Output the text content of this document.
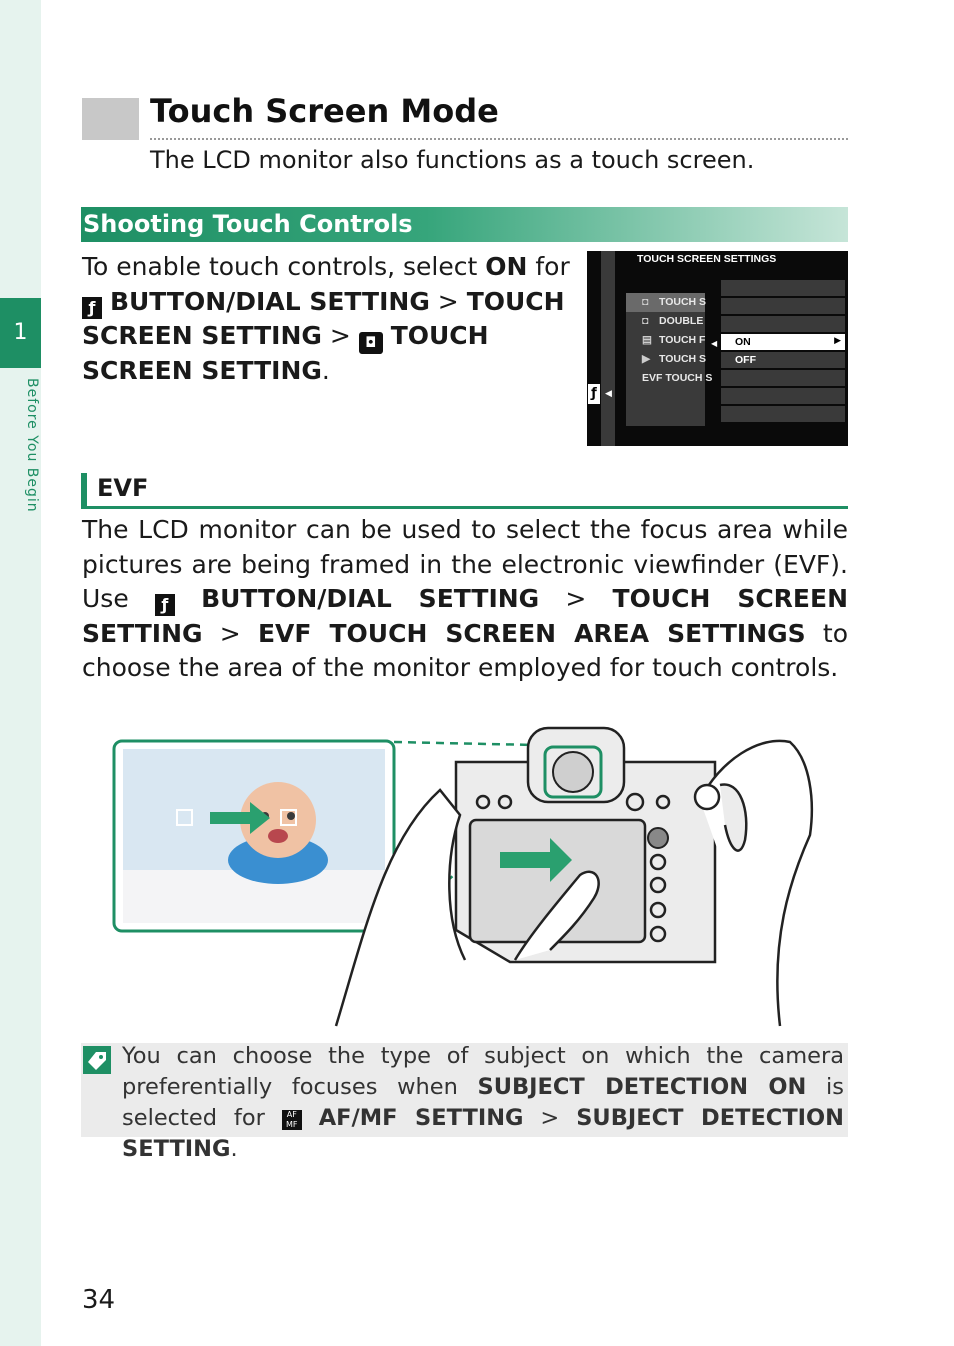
1
Before You Begin
Touch Screen Mode
The LCD monitor also functions as a touch screen.
Shooting Touch Controls
To enable touch controls, select ON for
ƒ BUTTON/DIAL SETTING > TOUCH SCREEN SETTING > ◘ TOUCH SCREEN SETTING.
ƒ ◀
TOUCH SCREEN SETTINGS
◘ TOUCH S
◘ DOUBLE
▤ TOUCH F
▶ TOUCH S
EVF TOUCH S
◀ ON	▶
OFF
EVF
The LCD monitor can be used to select the focus area while pictures are being framed in the electronic viewfinder (EVF). Use ƒ BUTTON/DIAL SETTING > TOUCH SCREEN SETTING > EVF TOUCH SCREEN AREA SETTINGS to choose the area of the monitor employed for touch controls.
You can choose the type of subject on which the camera preferentially focuses when SUBJECT DETECTION ON is selected for AF
MF AF/MF SETTING > SUBJECT DETECTION SETTING.
34
